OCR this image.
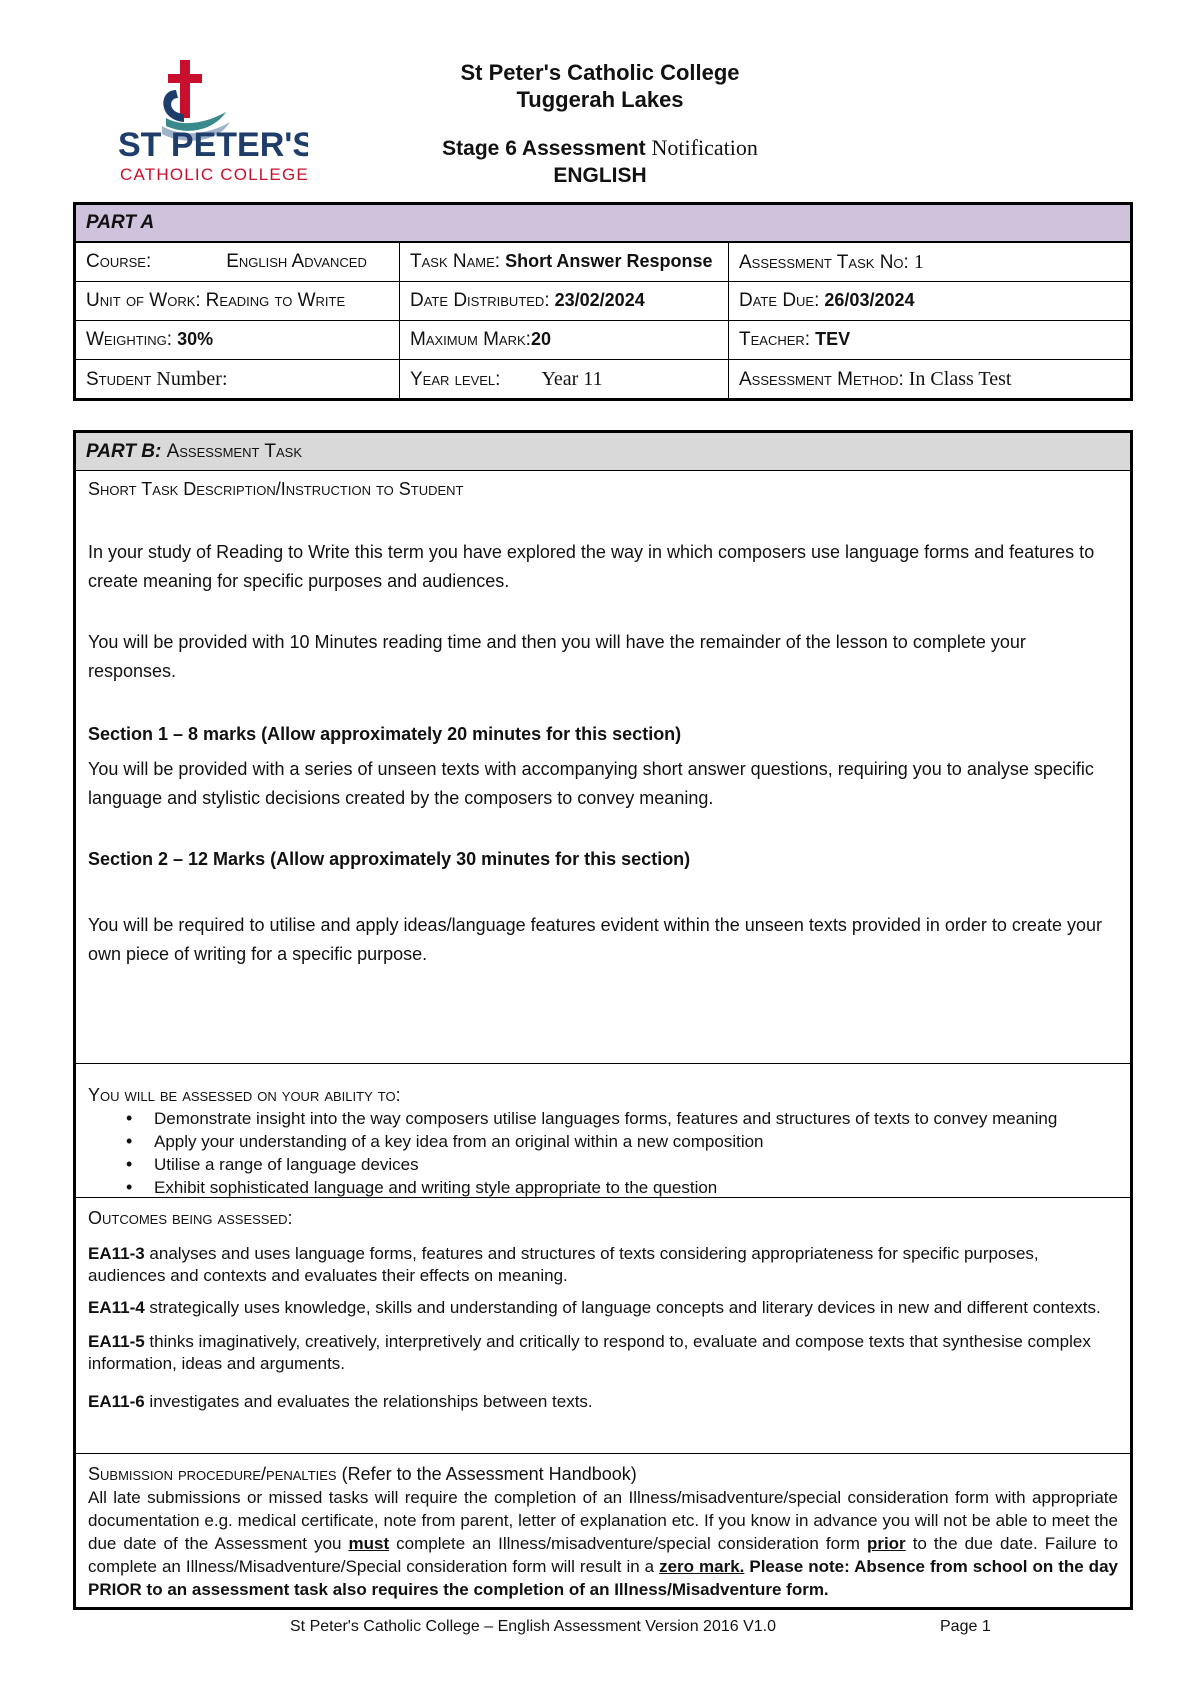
ST PETER'S
CATHOLIC COLLEGE
St Peter's Catholic College
Tuggerah Lakes
Stage 6 Assessment Notification
ENGLISH
PART A		
Course: English Advanced	Task Name: Short Answer Response	Assessment Task No: 1
Unit of Work: Reading to Write	Date Distributed: 23/02/2024	Date Due: 26/03/2024
Weighting: 30%	Maximum Mark:20	Teacher: TEV
Student Number:	Year level: Year 11	Assessment Method: In Class Test
PART B: Assessment Task

Short Task Description/Instruction to Student

In your study of Reading to Write this term you have explored the way in which composers use language forms and features to create meaning for specific purposes and audiences.

You will be provided with 10 Minutes reading time and then you will have the remainder of the lesson to complete your responses.

Section 1 – 8 marks (Allow approximately 20 minutes for this section)

You will be provided with a series of unseen texts with accompanying short answer questions, requiring you to analyse specific language and stylistic decisions created by the composers to convey meaning.

Section 2 – 12 Marks (Allow approximately 30 minutes for this section)

You will be required to utilise and apply ideas/language features evident within the unseen texts provided in order to create your own piece of writing for a specific purpose.

You will be assessed on your ability to:

• Demonstrate insight into the way composers utilise languages forms, features and structures of texts to convey meaning
• Apply your understanding of a key idea from an original within a new composition
• Utilise a range of language devices
• Exhibit sophisticated language and writing style appropriate to the question

Outcomes being assessed:

EA11-3 analyses and uses language forms, features and structures of texts considering appropriateness for specific purposes, audiences and contexts and evaluates their effects on meaning.

EA11-4 strategically uses knowledge, skills and understanding of language concepts and literary devices in new and different contexts.

EA11-5 thinks imaginatively, creatively, interpretively and critically to respond to, evaluate and compose texts that synthesise complex information, ideas and arguments.

EA11-6 investigates and evaluates the relationships between texts.

Submission procedure/penalties (Refer to the Assessment Handbook)

All late submissions or missed tasks will require the completion of an Illness/misadventure/special consideration form with appropriate documentation e.g. medical certificate, note from parent, letter of explanation etc. If you know in advance you will not be able to meet the due date of the Assessment you must complete an Illness/misadventure/special consideration form prior to the due date. Failure to complete an Illness/Misadventure/Special consideration form will result in a zero mark. Please note: Absence from school on the day PRIOR to an assessment task also requires the completion of an Illness/Misadventure form.

St Peter's Catholic College – English Assessment Version 2016 V1.0	Page 1
